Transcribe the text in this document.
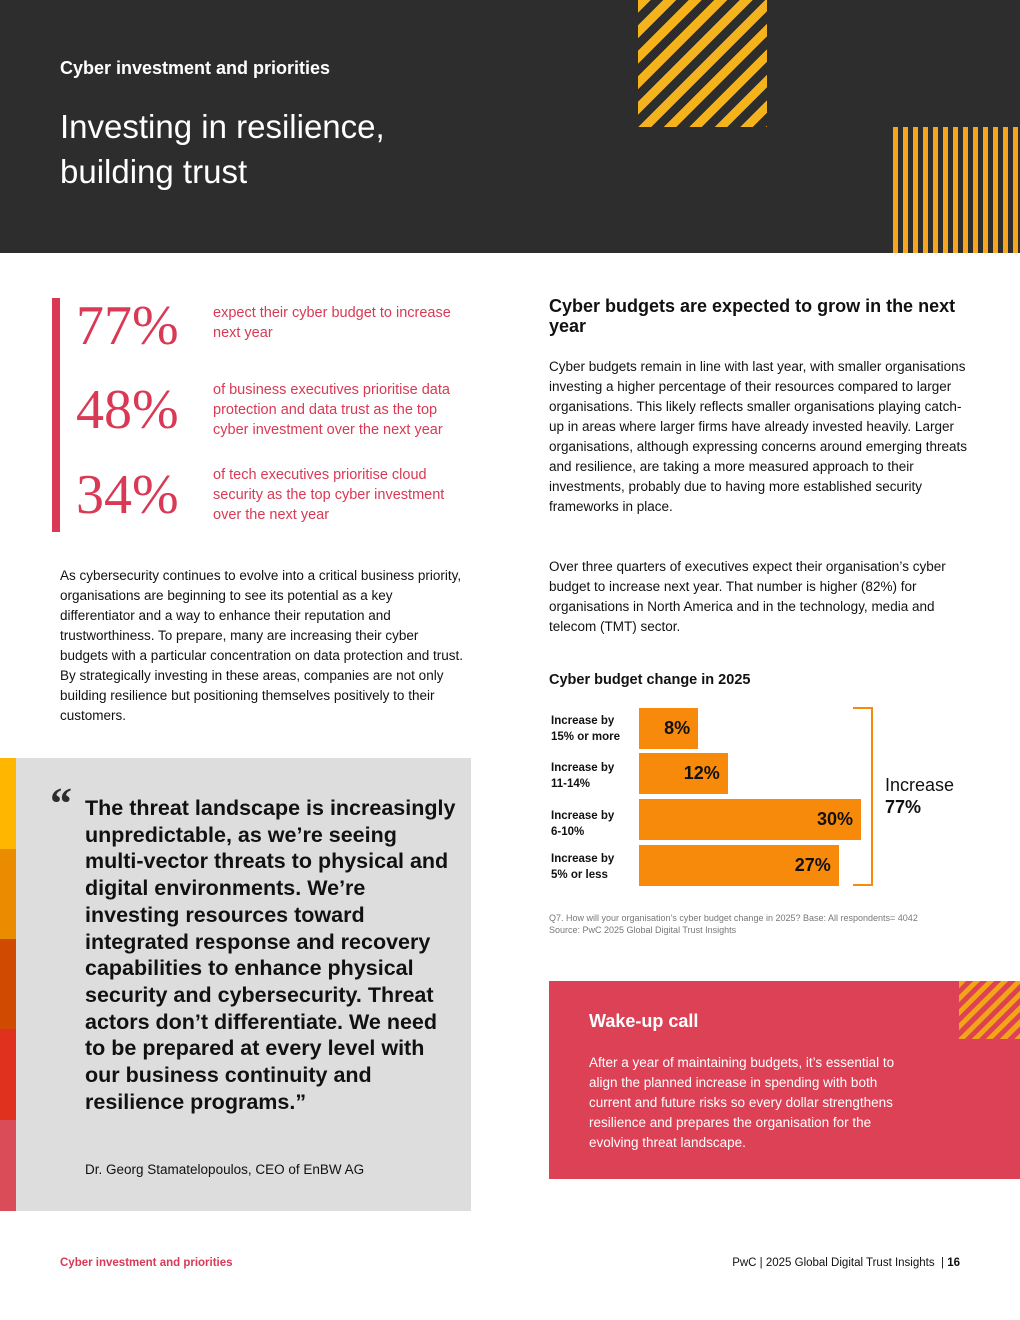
Cyber investment and priorities
Investing in resilience, building trust
77% expect their cyber budget to increase next year
48% of business executives prioritise data protection and data trust as the top cyber investment over the next year
34% of tech executives prioritise cloud security as the top cyber investment over the next year
As cybersecurity continues to evolve into a critical business priority, organisations are beginning to see its potential as a key differentiator and a way to enhance their reputation and trustworthiness. To prepare, many are increasing their cyber budgets with a particular concentration on data protection and trust. By strategically investing in these areas, companies are not only building resilience but positioning themselves positively to their customers.
“ The threat landscape is increasingly unpredictable, as we’re seeing multi-vector threats to physical and digital environments. We’re investing resources toward integrated response and recovery capabilities to enhance physical security and cybersecurity. Threat actors don’t differentiate. We need to be prepared at every level with our business continuity and resilience programs.”
Dr. Georg Stamatelopoulos, CEO of EnBW AG
Cyber budgets are expected to grow in the next year
Cyber budgets remain in line with last year, with smaller organisations investing a higher percentage of their resources compared to larger organisations. This likely reflects smaller organisations playing catch-up in areas where larger firms have already invested heavily. Larger organisations, although expressing concerns around emerging threats and resilience, are taking a more measured approach to their investments, probably due to having more established security frameworks in place.
Over three quarters of executives expect their organisation’s cyber budget to increase next year. That number is higher (82%) for organisations in North America and in the technology, media and telecom (TMT) sector.
Cyber budget change in 2025
Increase by
15% or more
Increase by
11-14%
Increase by
6-10%
Increase by
5% or less
8%
12%
30%
27%
Increase
77%
Q7. How will your organisation’s cyber budget change in 2025? Base: All respondents= 4042
Source: PwC 2025 Global Digital Trust Insights
Wake-up call
After a year of maintaining budgets, it’s essential to align the planned increase in spending with both current and future risks so every dollar strengthens resilience and prepares the organisation for the evolving threat landscape.
Cyber investment and priorities	PwC | 2025 Global Digital Trust Insights  | 16
